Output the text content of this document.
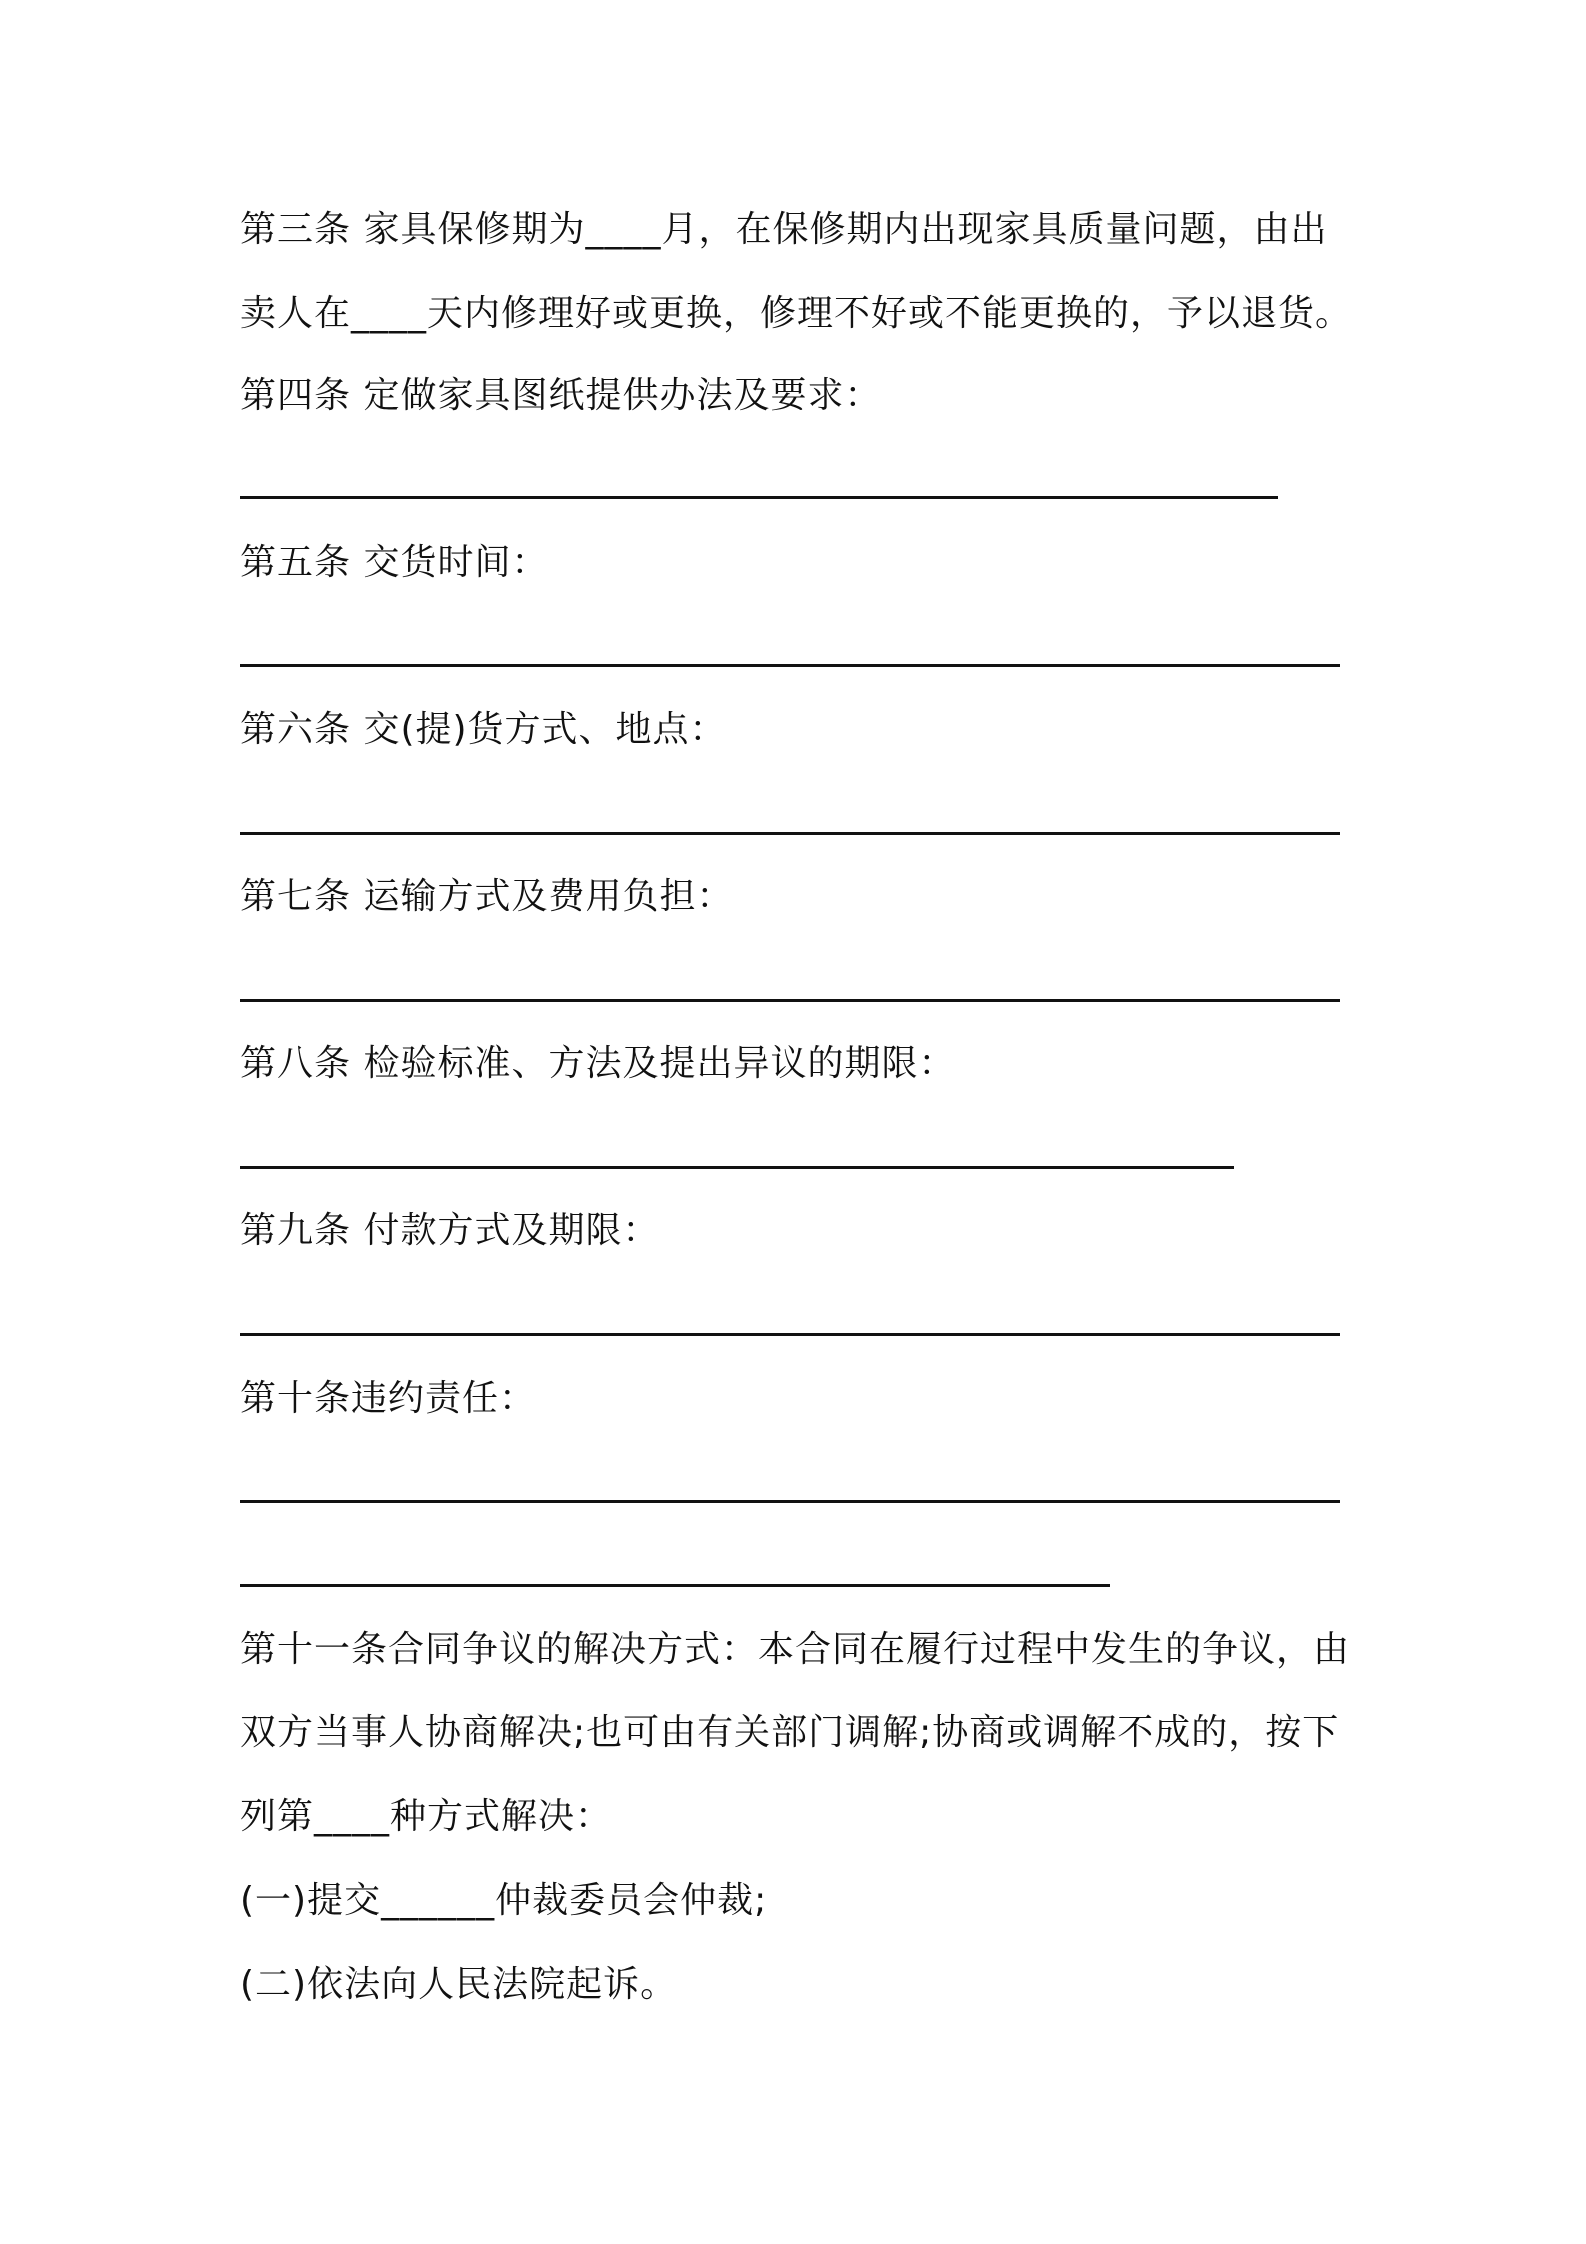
第三条 家具保修期为____月，在保修期内出现家具质量问题，由出
卖人在____天内修理好或更换，修理不好或不能更换的，予以退货。
第四条 定做家具图纸提供办法及要求：
第五条 交货时间：
第六条 交(提)货方式、地点：
第七条 运输方式及费用负担：
第八条 检验标准、方法及提出异议的期限：
第九条 付款方式及期限：
第十条违约责任：
第十一条合同争议的解决方式：本合同在履行过程中发生的争议，由
双方当事人协商解决;也可由有关部门调解;协商或调解不成的，按下
列第____种方式解决：
(一)提交______仲裁委员会仲裁;
(二)依法向人民法院起诉。
